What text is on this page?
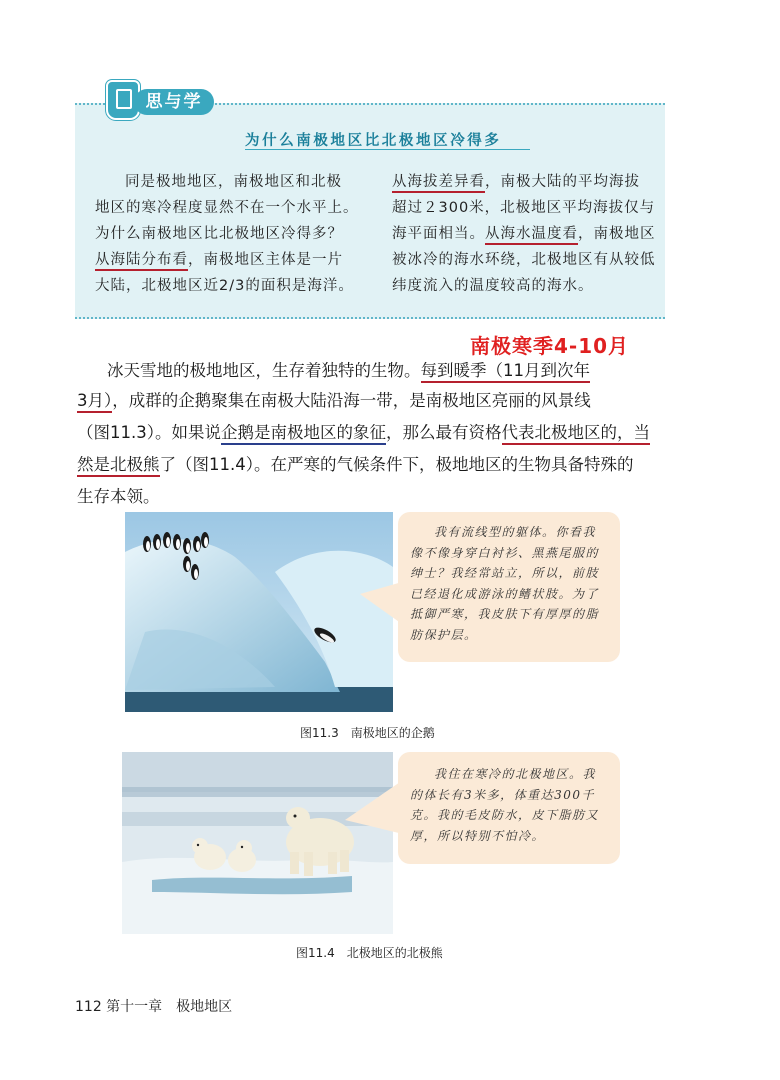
思与学
为什么南极地区比北极地区冷得多
同是极地地区，南极地区和北极
地区的寒冷程度显然不在一个水平上。
为什么南极地区比北极地区冷得多？
从海陆分布看，南极地区主体是一片
大陆，北极地区近2/3的面积是海洋。
从海拔差异看，南极大陆的平均海拔
超过２300米，北极地区平均海拔仅与
海平面相当。从海水温度看，南极地区
被冰冷的海水环绕，北极地区有从较低
纬度流入的温度较高的海水。
南极寒季4-10月
冰天雪地的极地地区，生存着独特的生物。每到暖季（11月到次年
3月），成群的企鹅聚集在南极大陆沿海一带，是南极地区亮丽的风景线
（图11.3）。如果说企鹅是南极地区的象征，那么最有资格代表北极地区的，当
然是北极熊了（图11.4）。在严寒的气候条件下，极地地区的生物具备特殊的
生存本领。
我有流线型的躯体。你看我
像不像身穿白衬衫、黑燕尾服的
绅士？我经常站立，所以，前肢
已经退化成游泳的鳍状肢。为了
抵御严寒，我皮肤下有厚厚的脂
肪保护层。
图11.3　南极地区的企鹅
我住在寒冷的北极地区。我
的体长有3米多，体重达300千
克。我的毛皮防水，皮下脂肪又
厚，所以特别不怕冷。
图11.4　北极地区的北极熊
112 第十一章　极地地区
